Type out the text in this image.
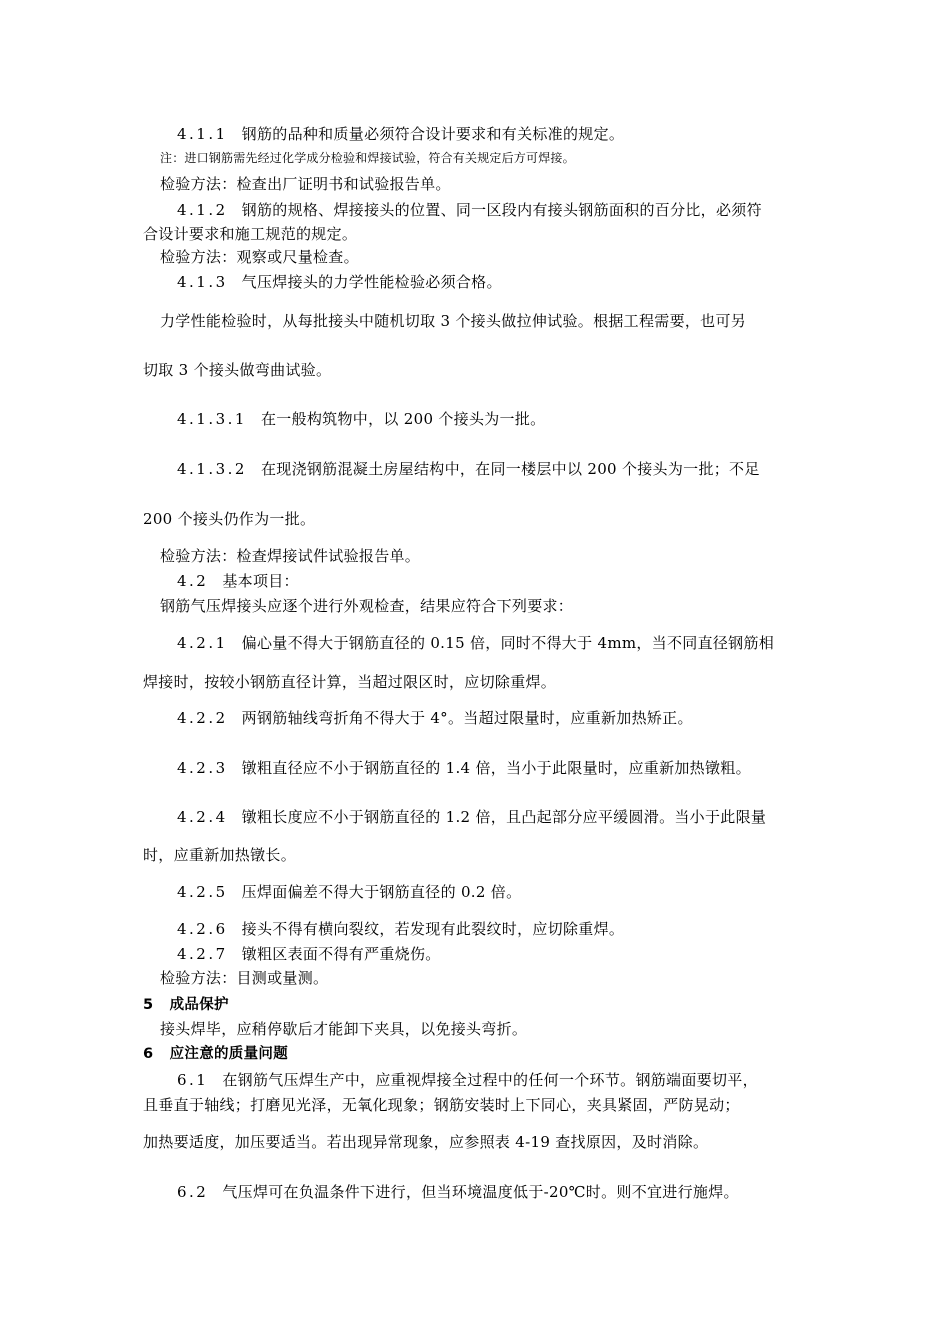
4.1.1 钢筋的品种和质量必须符合设计要求和有关标准的规定。
注：进口钢筋需先经过化学成分检验和焊接试验，符合有关规定后方可焊接。
检验方法：检查出厂证明书和试验报告单。
4.1.2 钢筋的规格、焊接接头的位置、同一区段内有接头钢筋面积的百分比，必须符
合设计要求和施工规范的规定。
检验方法：观察或尺量检查。
4.1.3 气压焊接头的力学性能检验必须合格。
力学性能检验时，从每批接头中随机切取 3 个接头做拉伸试验。根据工程需要，也可另
切取 3 个接头做弯曲试验。
4.1.3.1 在一般构筑物中，以 200 个接头为一批。
4.1.3.2 在现浇钢筋混凝土房屋结构中，在同一楼层中以 200 个接头为一批；不足
200 个接头仍作为一批。
检验方法：检查焊接试件试验报告单。
4.2 基本项目：
钢筋气压焊接头应逐个进行外观检查，结果应符合下列要求：
4.2.1 偏心量不得大于钢筋直径的 0.15 倍，同时不得大于 4mm，当不同直径钢筋相
焊接时，按较小钢筋直径计算，当超过限区时，应切除重焊。
4.2.2 两钢筋轴线弯折角不得大于 4°。当超过限量时，应重新加热矫正。
4.2.3 镦粗直径应不小于钢筋直径的 1.4 倍，当小于此限量时，应重新加热镦粗。
4.2.4 镦粗长度应不小于钢筋直径的 1.2 倍，且凸起部分应平缓圆滑。当小于此限量
时，应重新加热镦长。
4.2.5 压焊面偏差不得大于钢筋直径的 0.2 倍。
4.2.6 接头不得有横向裂纹，若发现有此裂纹时，应切除重焊。
4.2.7 镦粗区表面不得有严重烧伤。
检验方法：目测或量测。
5 成品保护
接头焊毕，应稍停歇后才能卸下夹具，以免接头弯折。
6 应注意的质量问题
6.1 在钢筋气压焊生产中，应重视焊接全过程中的任何一个环节。钢筋端面要切平，
且垂直于轴线；打磨见光泽，无氧化现象；钢筋安装时上下同心，夹具紧固，严防晃动；
加热要适度，加压要适当。若出现异常现象，应参照表 4-19 查找原因，及时消除。
6.2 气压焊可在负温条件下进行，但当环境温度低于-20℃时。则不宜进行施焊。
